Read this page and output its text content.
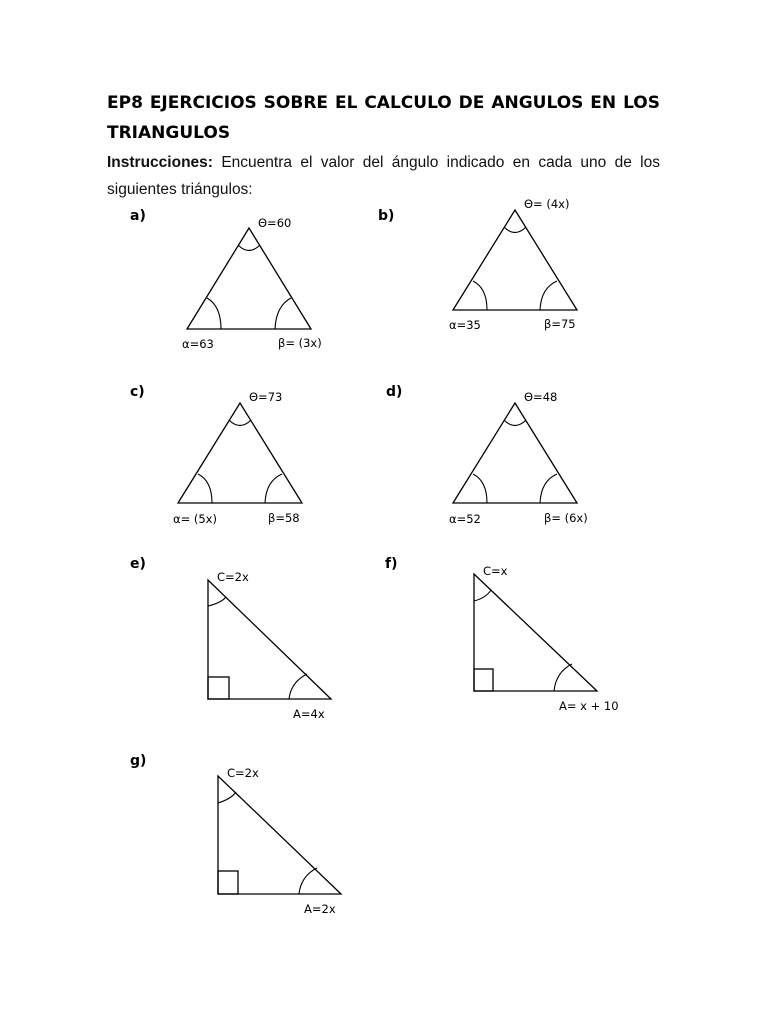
EP8 EJERCICIOS SOBRE EL CALCULO DE ANGULOS EN LOS TRIANGULOS
Instrucciones: Encuentra el valor del ángulo indicado en cada uno de los siguientes triángulos:
a)	b)
c)	d)
e)	f)
g)
Θ=60
α=63	β= (3x)
Θ= (4x)
α=35	β=75
Θ=73
α= (5x)	β=58
Θ=48
α=52	β= (6x)
C=2x
A=4x
C=x
A= x + 10
C=2x
A=2x
